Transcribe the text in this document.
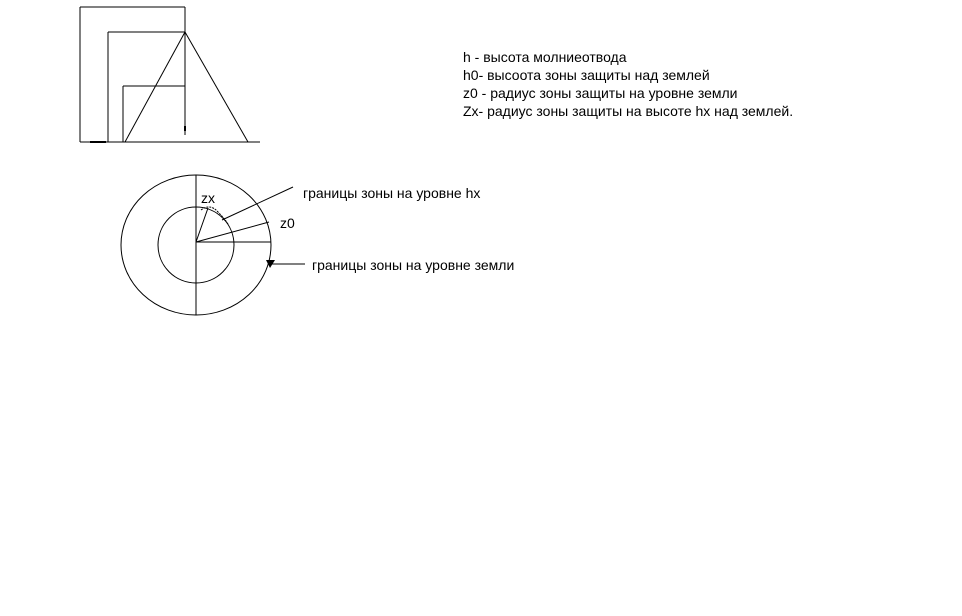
zx
z0
границы зоны на уровне hx
границы зоны на уровне земли
h - высота молниеотвода
h0- высоота зоны защиты над землей
z0 - радиус зоны защиты на уровне земли
Zx- радиус зоны защиты на высоте hx над землей.
